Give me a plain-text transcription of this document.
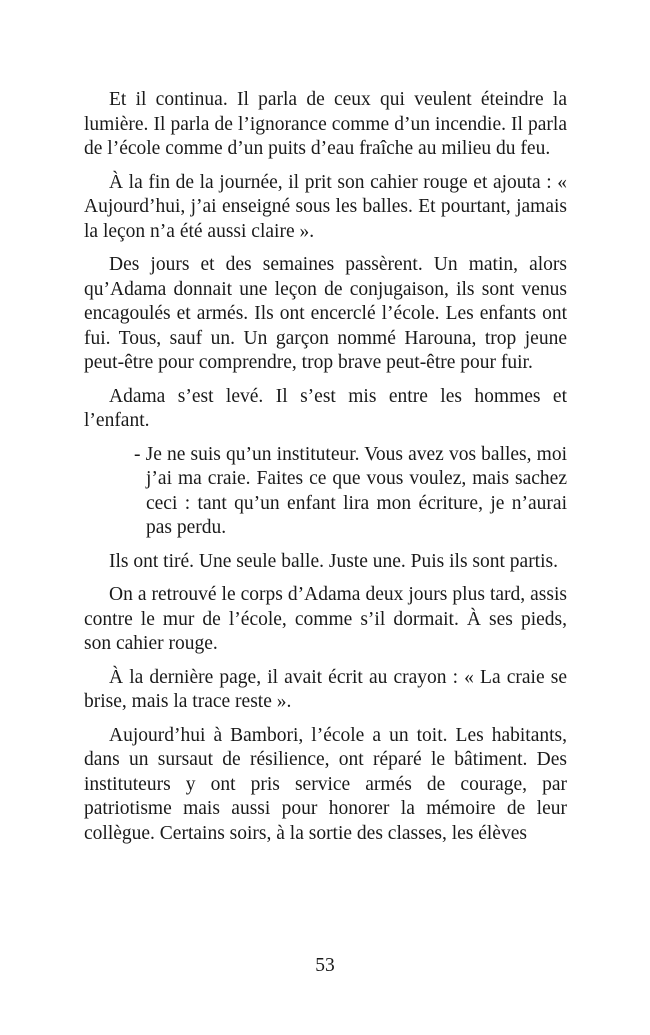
Et il continua. Il parla de ceux qui veulent éteindre la lumière. Il parla de l’ignorance comme d’un incendie. Il parla de l’école comme d’un puits d’eau fraîche au milieu du feu.

À la fin de la journée, il prit son cahier rouge et ajouta : « Aujourd’hui, j’ai enseigné sous les balles. Et pourtant, jamais la leçon n’a été aussi claire ».

Des jours et des semaines passèrent. Un matin, alors qu’Adama donnait une leçon de conjugaison, ils sont venus encagoulés et armés. Ils ont encerclé l’école. Les enfants ont fui. Tous, sauf un. Un garçon nommé Harouna, trop jeune peut-être pour comprendre, trop brave peut-être pour fuir.

Adama s’est levé. Il s’est mis entre les hommes et l’enfant.

- Je ne suis qu’un instituteur. Vous avez vos balles, moi j’ai ma craie. Faites ce que vous voulez, mais sachez ceci : tant qu’un enfant lira mon écriture, je n’aurai pas perdu.

Ils ont tiré. Une seule balle. Juste une. Puis ils sont partis.

On a retrouvé le corps d’Adama deux jours plus tard, assis contre le mur de l’école, comme s’il dormait. À ses pieds, son cahier rouge.

À la dernière page, il avait écrit au crayon : « La craie se brise, mais la trace reste ».

Aujourd’hui à Bambori, l’école a un toit. Les habitants, dans un sursaut de résilience, ont réparé le bâtiment. Des instituteurs y ont pris service armés de courage, par patriotisme mais aussi pour honorer la mémoire de leur collègue. Certains soirs, à la sortie des classes, les élèves

53
